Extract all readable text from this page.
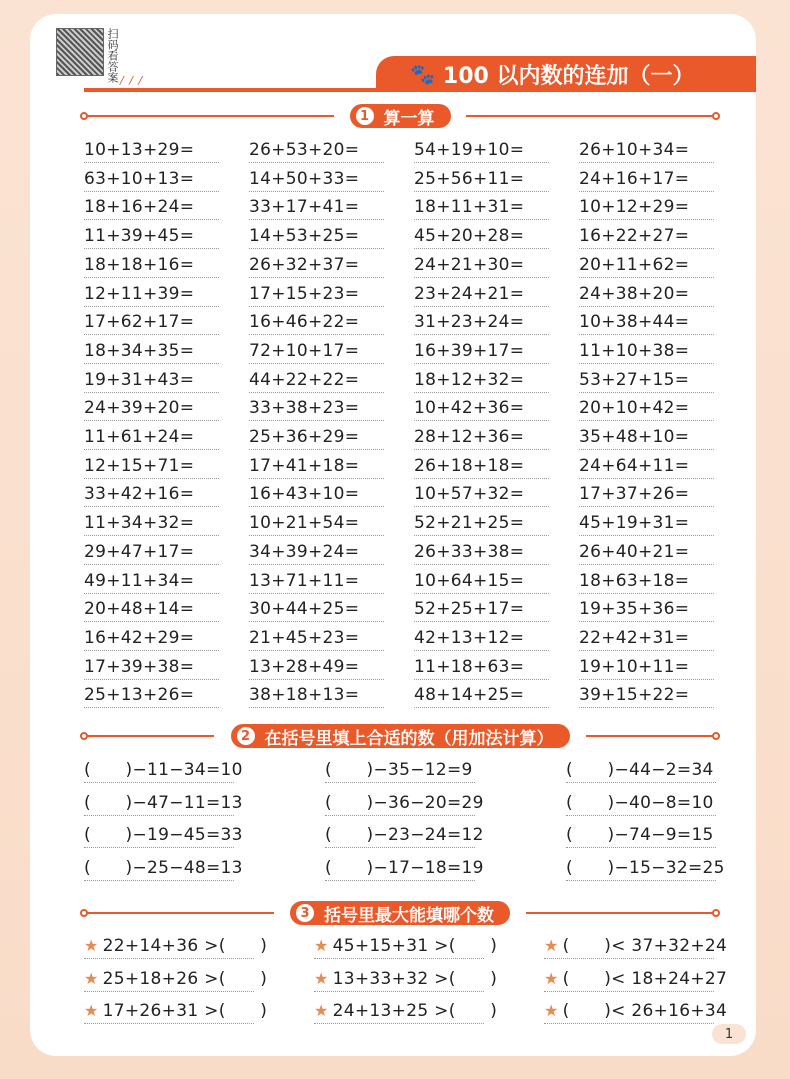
扫码看答案 / / /	🐾 100 以内数的连加（一）
1 算一算
2 在括号里填上合适的数（用加法计算）
3 括号里最大能填哪个数
10+13+29=
63+10+13=
18+16+24=
11+39+45=
18+18+16=
12+11+39=
17+62+17=
18+34+35=
19+31+43=
24+39+20=
11+61+24=
12+15+71=
33+42+16=
11+34+32=
29+47+17=
49+11+34=
20+48+14=
16+42+29=
17+39+38=
25+13+26=
26+53+20=
14+50+33=
33+17+41=
14+53+25=
26+32+37=
17+15+23=
16+46+22=
72+10+17=
44+22+22=
33+38+23=
25+36+29=
17+41+18=
16+43+10=
10+21+54=
34+39+24=
13+71+11=
30+44+25=
21+45+23=
13+28+49=
38+18+13=
54+19+10=
25+56+11=
18+11+31=
45+20+28=
24+21+30=
23+24+21=
31+23+24=
16+39+17=
18+12+32=
10+42+36=
28+12+36=
26+18+18=
10+57+32=
52+21+25=
26+33+38=
10+64+15=
52+25+17=
42+13+12=
11+18+63=
48+14+25=
26+10+34=
24+16+17=
10+12+29=
16+22+27=
20+11+62=
24+38+20=
10+38+44=
11+10+38=
53+27+15=
20+10+42=
35+48+10=
24+64+11=
17+37+26=
45+19+31=
26+40+21=
18+63+18=
19+35+36=
22+42+31=
19+10+11=
39+15+22=
(　　)−11−34=10
(　　)−47−11=13
(　　)−19−45=33
(　　)−25−48=13
(　　)−35−12=9
(　　)−36−20=29
(　　)−23−24=12
(　　)−17−18=19
(　　)−44−2=34
(　　)−40−8=10
(　　)−74−9=15
(　　)−15−32=25
★ 22+14+36 >(　　)
★ 25+18+26 >(　　)
★ 17+26+31 >(　　)
★ 45+15+31 >(　　)
★ 13+33+32 >(　　)
★ 24+13+25 >(　　)
★ (　　)< 37+32+24
★ (　　)< 18+24+27
★ (　　)< 26+16+34
1
